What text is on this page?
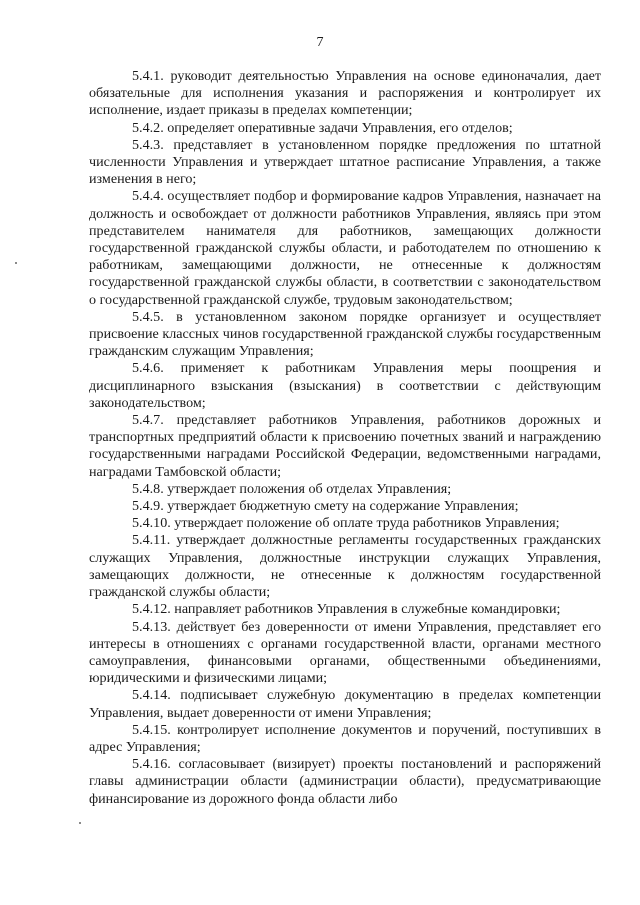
7

5.4.1. руководит деятельностью Управления на основе единоначалия, дает обязательные для исполнения указания и распоряжения и контролирует их исполнение, издает приказы в пределах компетенции;

5.4.2. определяет оперативные задачи Управления, его отделов;

5.4.3. представляет в установленном порядке предложения по штатной численности Управления и утверждает штатное расписание Управления, а также изменения в него;

5.4.4. осуществляет подбор и формирование кадров Управления, назначает на должность и освобождает от должности работников Управления, являясь при этом представителем нанимателя для работников, замещающих должности государственной гражданской службы области, и работодателем по отношению к работникам, замещающими должности, не отнесенные к должностям государственной гражданской службы области, в соответствии с законодательством о государственной гражданской службе, трудовым законодательством;

5.4.5. в установленном законом порядке организует и осуществляет присвоение классных чинов государственной гражданской службы государственным гражданским служащим Управления;

5.4.6. применяет к работникам Управления меры поощрения и дисциплинарного взыскания (взыскания) в соответствии с действующим законодательством;

5.4.7. представляет работников Управления, работников дорожных и транспортных предприятий области к присвоению почетных званий и награждению государственными наградами Российской Федерации, ведомственными наградами, наградами Тамбовской области;

5.4.8. утверждает положения об отделах Управления;

5.4.9. утверждает бюджетную смету на содержание Управления;

5.4.10. утверждает положение об оплате труда работников Управления;

5.4.11. утверждает должностные регламенты государственных гражданских служащих Управления, должностные инструкции служащих Управления, замещающих должности, не отнесенные к должностям государственной гражданской службы области;

5.4.12. направляет работников Управления в служебные командировки;

5.4.13. действует без доверенности от имени Управления, представляет его интересы в отношениях с органами государственной власти, органами местного самоуправления, финансовыми органами, общественными объединениями, юридическими и физическими лицами;

5.4.14. подписывает служебную документацию в пределах компетенции Управления, выдает доверенности от имени Управления;

5.4.15. контролирует исполнение документов и поручений, поступивших в адрес Управления;

5.4.16. согласовывает (визирует) проекты постановлений и распоряжений главы администрации области (администрации области), предусматривающие финансирование из дорожного фонда области либо
